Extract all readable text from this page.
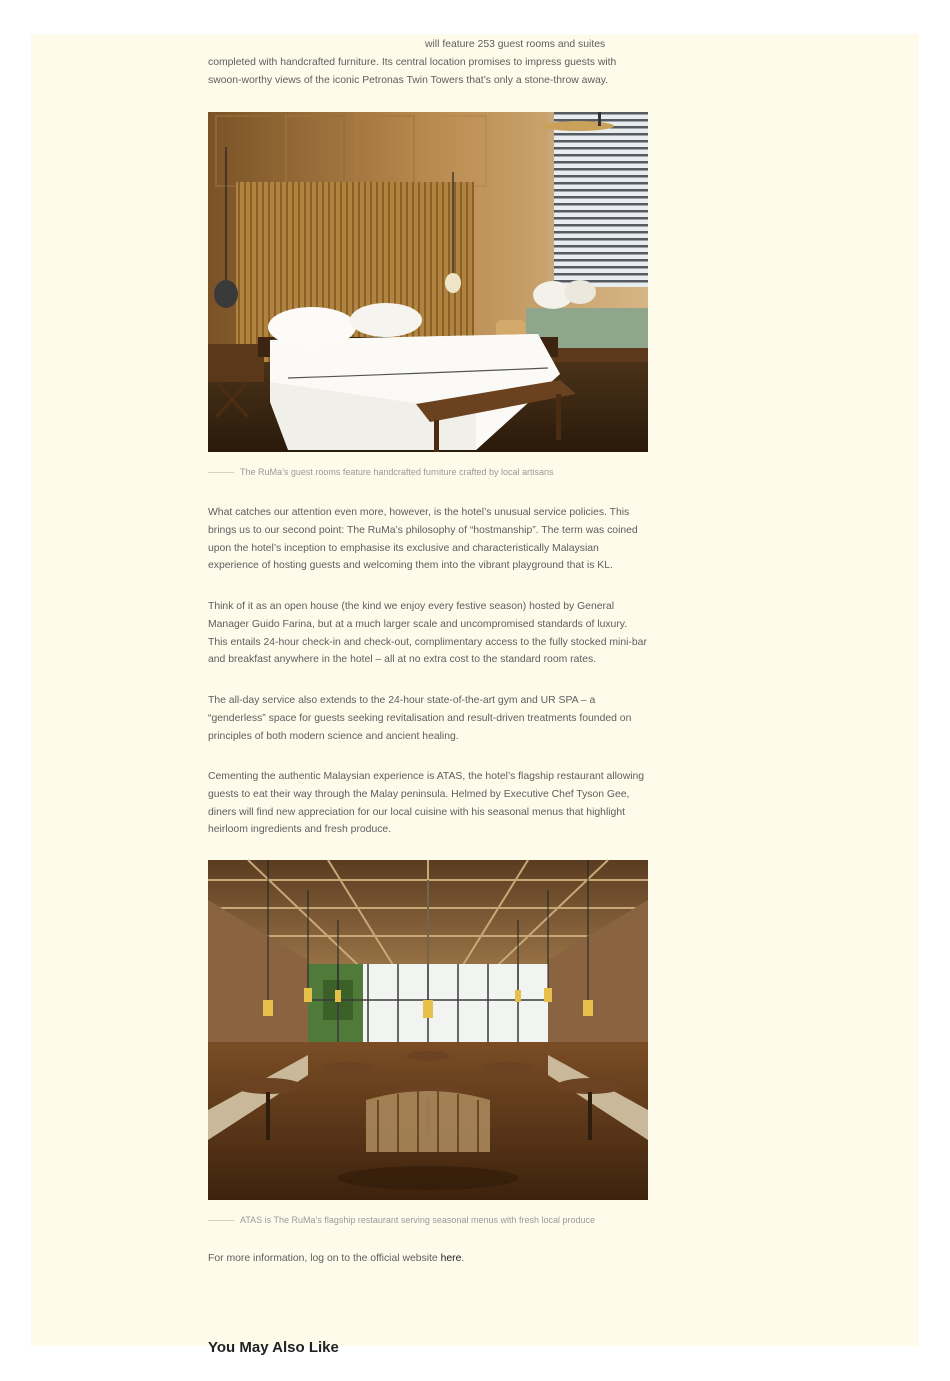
will feature 253 guest rooms and suites
completed with handcrafted furniture. Its central location promises to impress guests with swoon-worthy views of the iconic Petronas Twin Towers that’s only a stone-throw away.

The RuMa’s guest rooms feature handcrafted furniture crafted by local artisans

What catches our attention even more, however, is the hotel’s unusual service policies. This brings us to our second point: The RuMa’s philosophy of “hostmanship”. The term was coined upon the hotel’s inception to emphasise its exclusive and characteristically Malaysian experience of hosting guests and welcoming them into the vibrant playground that is KL.

Think of it as an open house (the kind we enjoy every festive season) hosted by General Manager Guido Farina, but at a much larger scale and uncompromised standards of luxury. This entails 24-hour check-in and check-out, complimentary access to the fully stocked mini-bar and breakfast anywhere in the hotel – all at no extra cost to the standard room rates.

The all-day service also extends to the 24-hour state-of-the-art gym and UR SPA – a “genderless” space for guests seeking revitalisation and result-driven treatments founded on principles of both modern science and ancient healing.

Cementing the authentic Malaysian experience is ATAS, the hotel’s flagship restaurant allowing guests to eat their way through the Malay peninsula. Helmed by Executive Chef Tyson Gee, diners will find new appreciation for our local cuisine with his seasonal menus that highlight heirloom ingredients and fresh produce.

ATAS is The RuMa’s flagship restaurant serving seasonal menus with fresh local produce

For more information, log on to the official website here.

You May Also Like
